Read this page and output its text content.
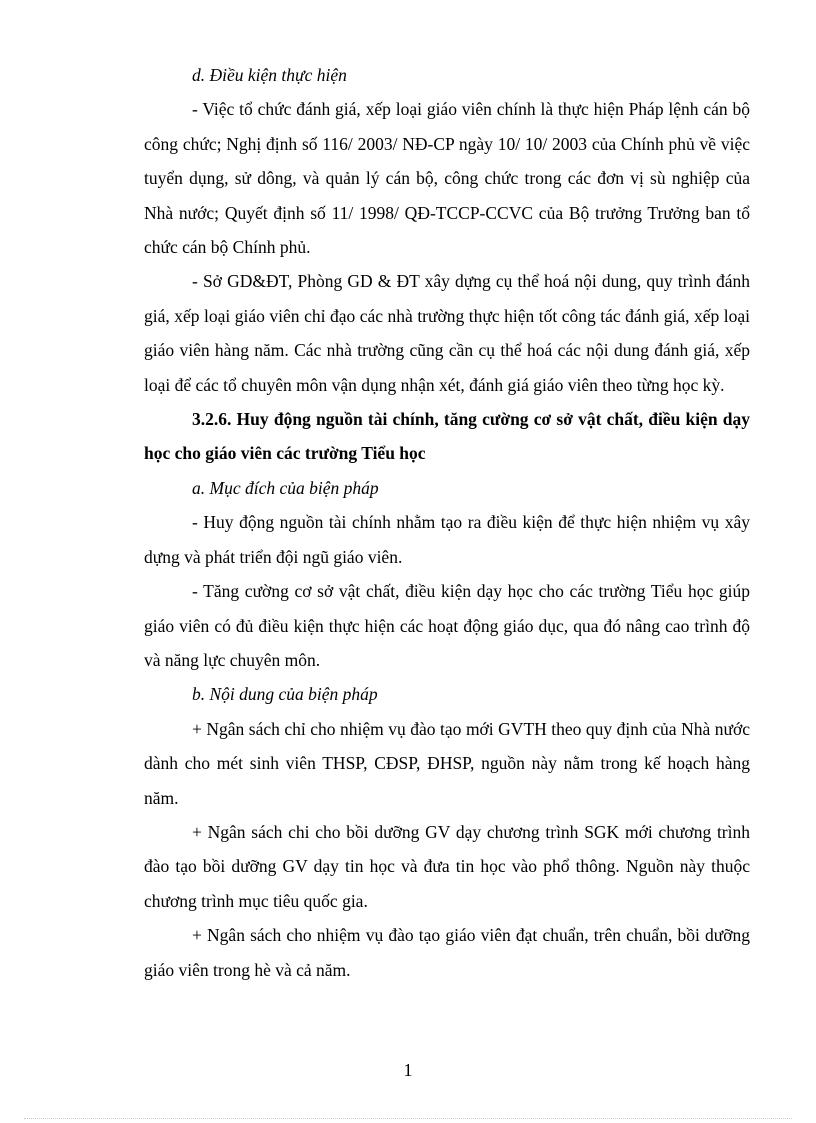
d. Điều kiện thực hiện

- Việc tổ chức đánh giá, xếp loại giáo viên chính là thực hiện Pháp lệnh cán bộ công chức; Nghị định số 116/ 2003/ NĐ-CP ngày 10/ 10/ 2003 của Chính phủ về việc tuyển dụng, sử dông, và quản lý cán bộ, công chức trong các đơn vị sù nghiệp của Nhà nước; Quyết định số 11/ 1998/ QĐ-TCCP-CCVC của Bộ trưởng Trưởng ban tổ chức cán bộ Chính phủ.

- Sở GD&ĐT, Phòng GD & ĐT xây dựng cụ thể hoá nội dung, quy trình đánh giá, xếp loại giáo viên chỉ đạo các nhà trường thực hiện tốt công tác đánh giá, xếp loại giáo viên hàng năm. Các nhà trường cũng cần cụ thể hoá các nội dung đánh giá, xếp loại để các tổ chuyên môn vận dụng nhận xét, đánh giá giáo viên theo từng học kỳ.

3.2.6. Huy động nguồn tài chính, tăng cường cơ sở vật chất, điều kiện dạy học cho giáo viên các trường Tiểu học

a. Mục đích của biện pháp

- Huy động nguồn tài chính nhằm tạo ra điều kiện để thực hiện nhiệm vụ xây dựng và phát triển đội ngũ giáo viên.

- Tăng cường cơ sở vật chất, điều kiện dạy học cho các trường Tiểu học giúp giáo viên có đủ điều kiện thực hiện các hoạt động giáo dục, qua đó nâng cao trình độ và năng lực chuyên môn.

b. Nội dung của biện pháp

+ Ngân sách chỉ cho nhiệm vụ đào tạo mới GVTH theo quy định của Nhà nước dành cho mét sinh viên THSP, CĐSP, ĐHSP, nguồn này nằm trong kế hoạch hàng năm.

+ Ngân sách chi cho bồi dưỡng GV dạy chương trình SGK mới chương trình đào tạo bồi dưỡng GV dạy tin học và đưa tin học vào phổ thông. Nguồn này thuộc chương trình mục tiêu quốc gia.

+ Ngân sách cho nhiệm vụ đào tạo giáo viên đạt chuẩn, trên chuẩn, bồi dưỡng giáo viên trong hè và cả năm.

1
